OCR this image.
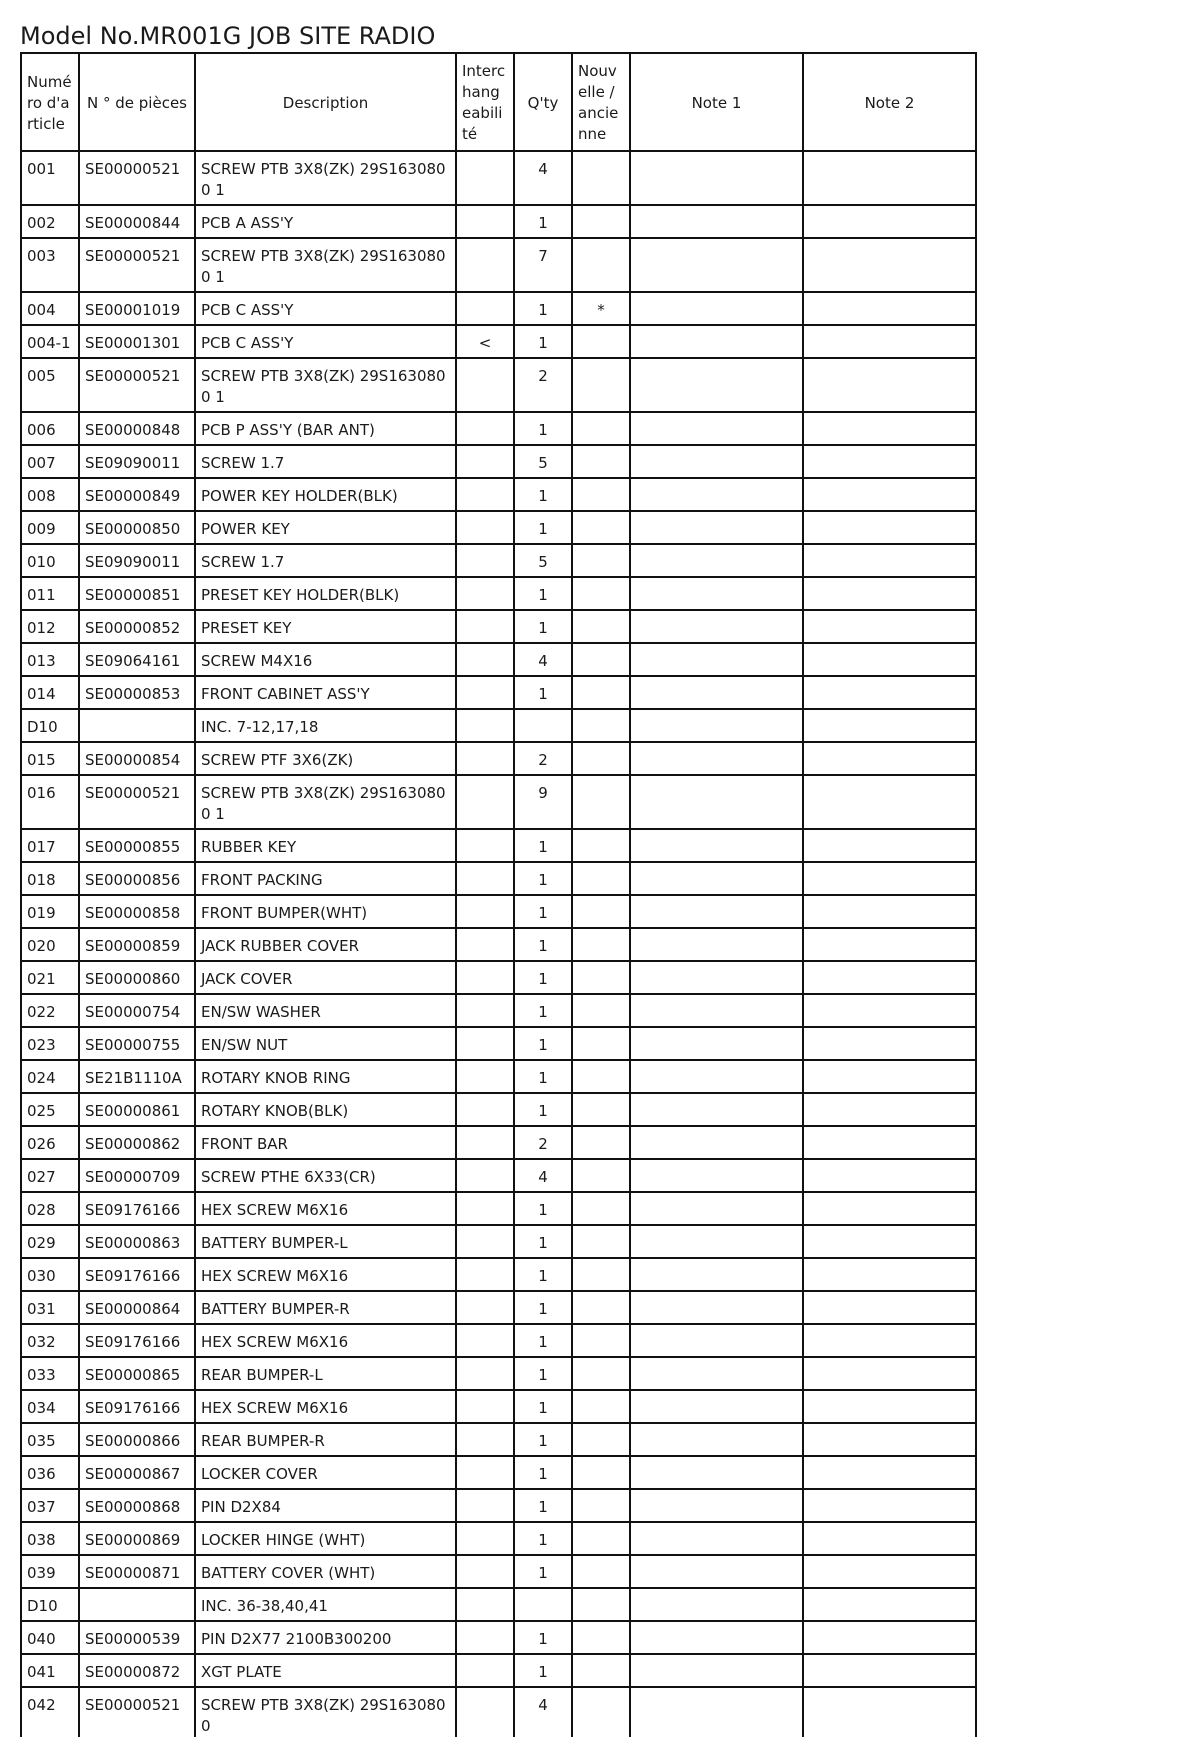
Model No.MR001G JOB SITE RADIO
Numéro d'article	N ° de pièces	Description	Interchangeabilité	Q'ty	Nouvelle / ancienne	Note 1	Note 2
001	SE00000521	SCREW PTB 3X8(ZK) 29S1630800 1		4			
002	SE00000844	PCB A ASS'Y		1			
003	SE00000521	SCREW PTB 3X8(ZK) 29S1630800 1		7			
004	SE00001019	PCB C ASS'Y		1	*		
004-1	SE00001301	PCB C ASS'Y	<	1			
005	SE00000521	SCREW PTB 3X8(ZK) 29S1630800 1		2			
006	SE00000848	PCB P ASS'Y (BAR ANT)		1			
007	SE09090011	SCREW 1.7		5			
008	SE00000849	POWER KEY HOLDER(BLK)		1			
009	SE00000850	POWER KEY		1			
010	SE09090011	SCREW 1.7		5			
011	SE00000851	PRESET KEY HOLDER(BLK)		1			
012	SE00000852	PRESET KEY		1			
013	SE09064161	SCREW M4X16		4			
014	SE00000853	FRONT CABINET ASS'Y		1			
D10		INC. 7-12,17,18					
015	SE00000854	SCREW PTF 3X6(ZK)		2			
016	SE00000521	SCREW PTB 3X8(ZK) 29S1630800 1		9			
017	SE00000855	RUBBER KEY		1			
018	SE00000856	FRONT PACKING		1			
019	SE00000858	FRONT BUMPER(WHT)		1			
020	SE00000859	JACK RUBBER COVER		1			
021	SE00000860	JACK COVER		1			
022	SE00000754	EN/SW WASHER		1			
023	SE00000755	EN/SW NUT		1			
024	SE21B1110A	ROTARY KNOB RING		1			
025	SE00000861	ROTARY KNOB(BLK)		1			
026	SE00000862	FRONT BAR		2			
027	SE00000709	SCREW PTHE 6X33(CR)		4			
028	SE09176166	HEX SCREW M6X16		1			
029	SE00000863	BATTERY BUMPER-L		1			
030	SE09176166	HEX SCREW M6X16		1			
031	SE00000864	BATTERY BUMPER-R		1			
032	SE09176166	HEX SCREW M6X16		1			
033	SE00000865	REAR BUMPER-L		1			
034	SE09176166	HEX SCREW M6X16		1			
035	SE00000866	REAR BUMPER-R		1			
036	SE00000867	LOCKER COVER		1			
037	SE00000868	PIN D2X84		1			
038	SE00000869	LOCKER HINGE (WHT)		1			
039	SE00000871	BATTERY COVER (WHT)		1			
D10		INC. 36-38,40,41					
040	SE00000539	PIN D2X77 2100B300200		1			
041	SE00000872	XGT PLATE		1			
042	SE00000521	SCREW PTB 3X8(ZK) 29S1630800		4			
